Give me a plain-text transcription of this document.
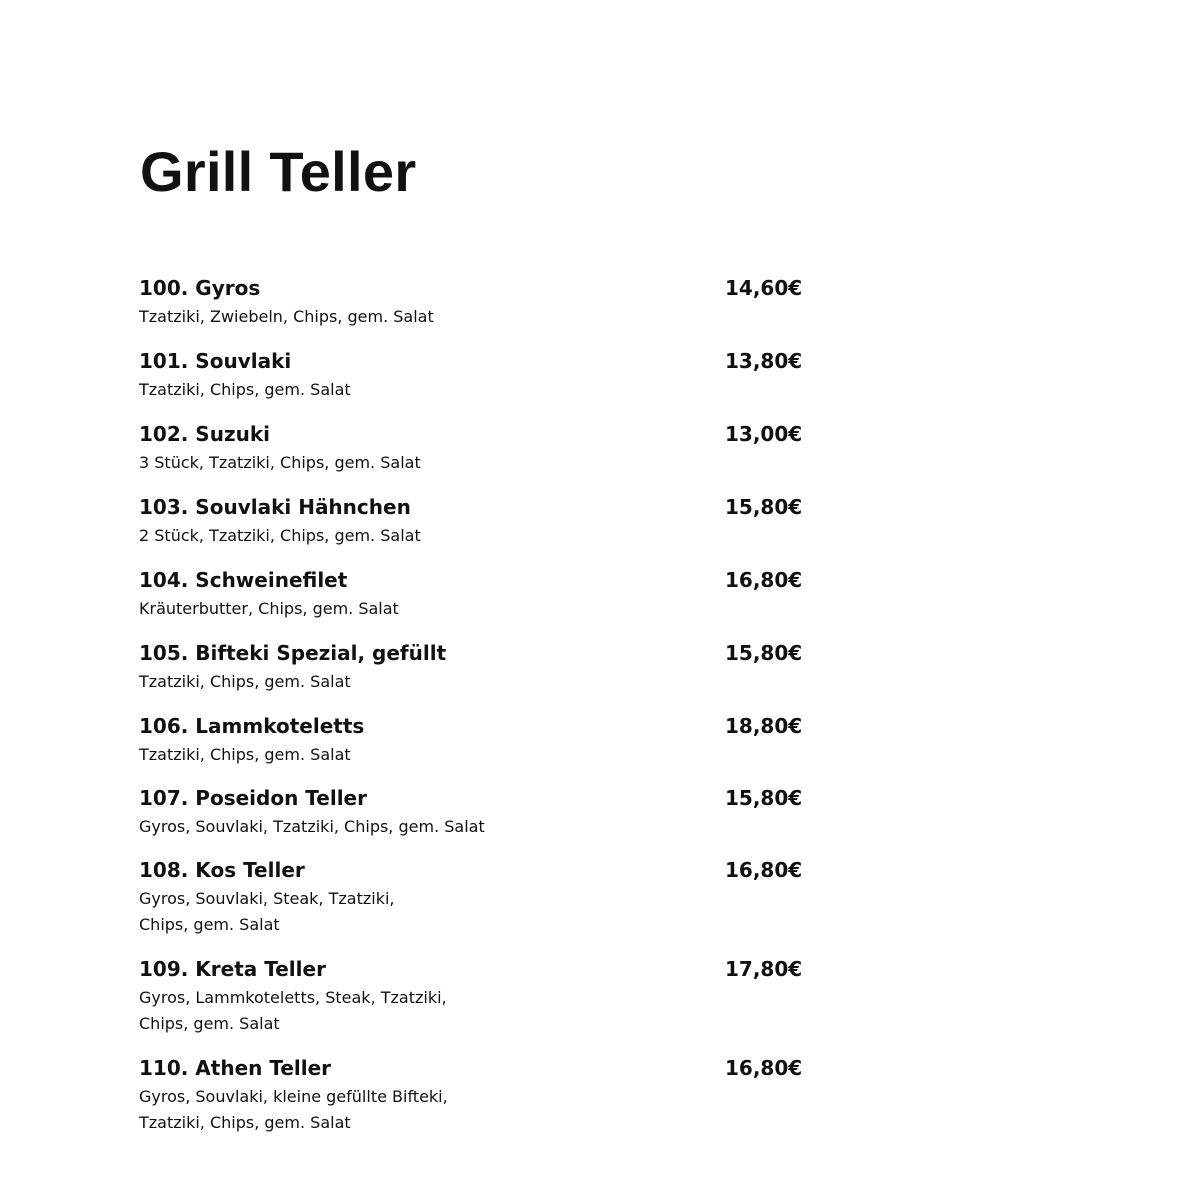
Grill Teller
100. Gyros	14,60€
Tzatziki, Zwiebeln, Chips, gem. Salat
101. Souvlaki	13,80€
Tzatziki, Chips, gem. Salat
102. Suzuki	13,00€
3 Stück, Tzatziki, Chips, gem. Salat
103. Souvlaki Hähnchen	15,80€
2 Stück, Tzatziki, Chips, gem. Salat
104. Schweinefilet	16,80€
Kräuterbutter, Chips, gem. Salat
105. Bifteki Spezial, gefüllt	15,80€
Tzatziki, Chips, gem. Salat
106. Lammkoteletts	18,80€
Tzatziki, Chips, gem. Salat
107. Poseidon Teller	15,80€
Gyros, Souvlaki, Tzatziki, Chips, gem. Salat
108. Kos Teller	16,80€
Gyros, Souvlaki, Steak, Tzatziki,
Chips, gem. Salat
109. Kreta Teller	17,80€
Gyros, Lammkoteletts, Steak, Tzatziki,
Chips, gem. Salat
110. Athen Teller	16,80€
Gyros, Souvlaki, kleine gefüllte Bifteki,
Tzatziki, Chips, gem. Salat
